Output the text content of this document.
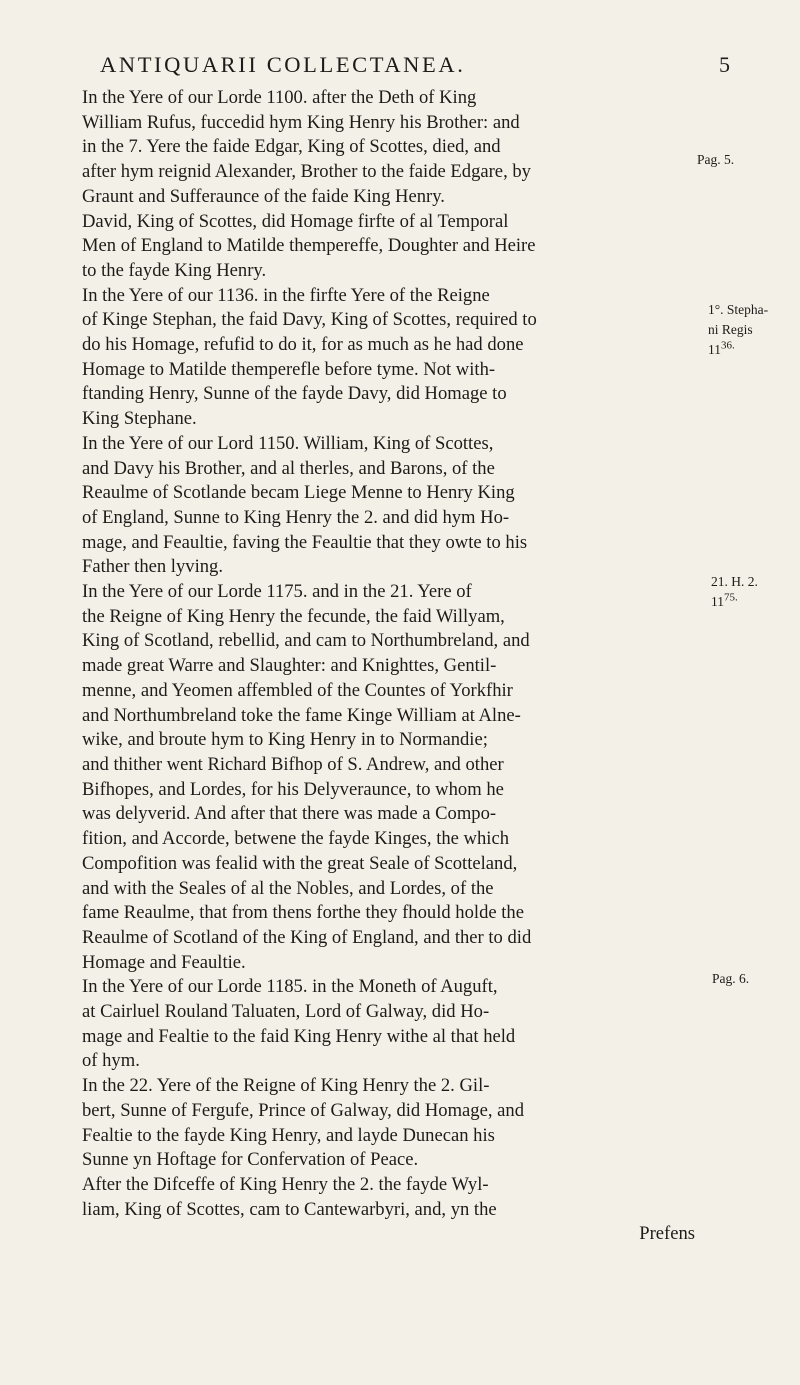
ANTIQUARII COLLECTANEA.	5

In the Yere of our Lorde 1100. after the Deth of King
William Rufus, fuccedid hym King Henry his Brother: and
in the 7. Yere the faide Edgar, King of Scottes, died, and
after hym reignid Alexander, Brother to the faide Edgare, by
Graunt and Sufferaunce of the faide King Henry.

David, King of Scottes, did Homage firfte of al Temporal
Men of England to Matilde thempereffe, Doughter and Heire
to the fayde King Henry.

In the Yere of our 1136. in the firfte Yere of the Reigne
of Kinge Stephan, the faid Davy, King of Scottes, required to
do his Homage, refufid to do it, for as much as he had done
Homage to Matilde themperefle before tyme. Not with-
ftanding Henry, Sunne of the fayde Davy, did Homage to
King Stephane.

In the Yere of our Lord 1150. William, King of Scottes,
and Davy his Brother, and al therles, and Barons, of the
Reaulme of Scotlande becam Liege Menne to Henry King
of England, Sunne to King Henry the 2. and did hym Ho-
mage, and Feaultie, faving the Feaultie that they owte to his
Father then lyving.

In the Yere of our Lorde 1175. and in the 21. Yere of
the Reigne of King Henry the fecunde, the faid Willyam,
King of Scotland, rebellid, and cam to Northumbreland, and
made great Warre and Slaughter: and Knighttes, Gentil-
menne, and Yeomen affembled of the Countes of Yorkfhir
and Northumbreland toke the fame Kinge William at Alne-
wike, and broute hym to King Henry in to Normandie;
and thither went Richard Bifhop of S. Andrew, and other
Bifhopes, and Lordes, for his Delyveraunce, to whom he
was delyverid. And after that there was made a Compo-
fition, and Accorde, betwene the fayde Kinges, the which
Compofition was fealid with the great Seale of Scotteland,
and with the Seales of al the Nobles, and Lordes, of the
fame Reaulme, that from thens forthe they fhould holde the
Reaulme of Scotland of the King of England, and ther to did
Homage and Feaultie.

In the Yere of our Lorde 1185. in the Moneth of Auguft,
at Cairluel Rouland Taluaten, Lord of Galway, did Ho-
mage and Fealtie to the faid King Henry withe al that held
of hym.

In the 22. Yere of the Reigne of King Henry the 2. Gil-
bert, Sunne of Fergufe, Prince of Galway, did Homage, and
Fealtie to the fayde King Henry, and layde Dunecan his
Sunne yn Hoftage for Confervation of Peace.

After the Difceffe of King Henry the 2. the fayde Wyl-
liam, King of Scottes, cam to Cantewarbyri, and, yn the
Prefens

Pag. 5.
1°. Stepha-
ni Regis
$11^{36.}$
21. H. 2.
$11^{75.}$
Pag. 6.
